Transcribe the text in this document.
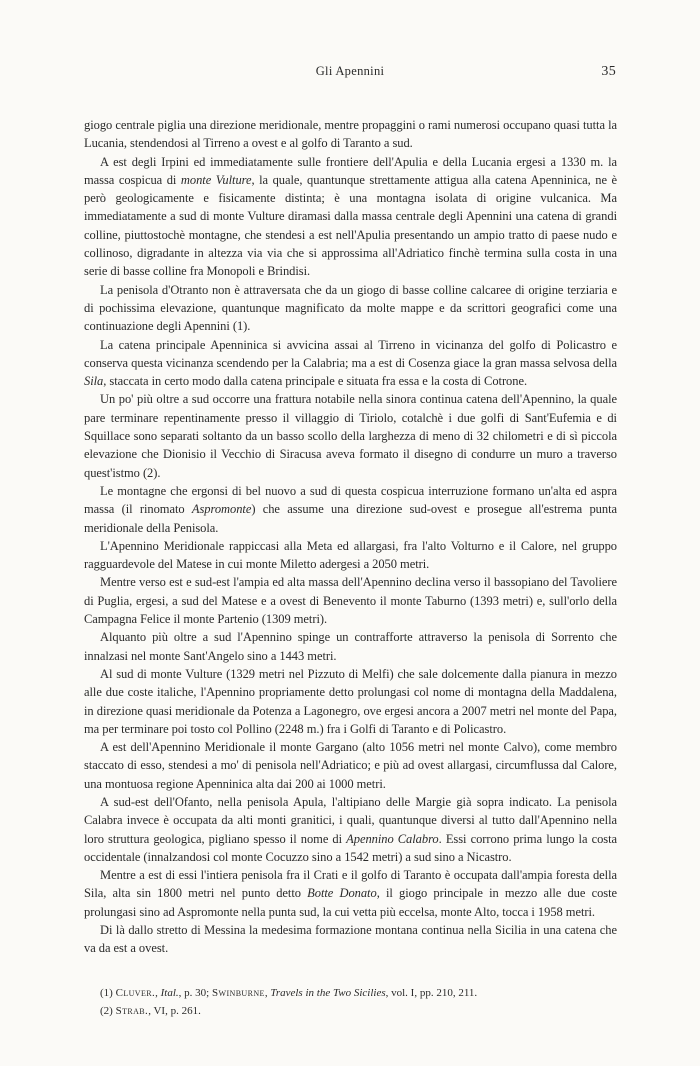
Gli Apennini	35

giogo centrale piglia una direzione meridionale, mentre propaggini o rami numerosi occupano quasi tutta la Lucania, stendendosi al Tirreno a ovest e al golfo di Taranto a sud.

A est degli Irpini ed immediatamente sulle frontiere dell'Apulia e della Lucania ergesi a 1330 m. la massa cospicua di monte Vulture, la quale, quantunque strettamente attigua alla catena Apenninica, ne è però geologicamente e fisicamente distinta; è una montagna isolata di origine vulcanica. Ma immediatamente a sud di monte Vulture diramasi dalla massa centrale degli Apennini una catena di grandi colline, piuttostochè montagne, che stendesi a est nell'Apulia presentando un ampio tratto di paese nudo e collinoso, digradante in altezza via via che si approssima all'Adriatico finchè termina sulla costa in una serie di basse colline fra Monopoli e Brindisi.

La penisola d'Otranto non è attraversata che da un giogo di basse colline calcaree di origine terziaria e di pochissima elevazione, quantunque magnificato da molte mappe e da scrittori geografici come una continuazione degli Apennini (1).

La catena principale Apenninica si avvicina assai al Tirreno in vicinanza del golfo di Policastro e conserva questa vicinanza scendendo per la Calabria; ma a est di Cosenza giace la gran massa selvosa della Sila, staccata in certo modo dalla catena principale e situata fra essa e la costa di Cotrone.

Un po' più oltre a sud occorre una frattura notabile nella sinora continua catena dell'Apennino, la quale pare terminare repentinamente presso il villaggio di Tiriolo, cotalchè i due golfi di Sant'Eufemia e di Squillace sono separati soltanto da un basso scollo della larghezza di meno di 32 chilometri e di sì piccola elevazione che Dionisio il Vecchio di Siracusa aveva formato il disegno di condurre un muro a traverso quest'istmo (2).

Le montagne che ergonsi di bel nuovo a sud di questa cospicua interruzione formano un'alta ed aspra massa (il rinomato Aspromonte) che assume una direzione sud-ovest e prosegue all'estrema punta meridionale della Penisola.

L'Apennino Meridionale rappiccasi alla Meta ed allargasi, fra l'alto Volturno e il Calore, nel gruppo ragguardevole del Matese in cui monte Miletto adergesi a 2050 metri.

Mentre verso est e sud-est l'ampia ed alta massa dell'Apennino declina verso il bassopiano del Tavoliere di Puglia, ergesi, a sud del Matese e a ovest di Benevento il monte Taburno (1393 metri) e, sull'orlo della Campagna Felice il monte Partenio (1309 metri).

Alquanto più oltre a sud l'Apennino spinge un contrafforte attraverso la penisola di Sorrento che innalzasi nel monte Sant'Angelo sino a 1443 metri.

Al sud di monte Vulture (1329 metri nel Pizzuto di Melfi) che sale dolcemente dalla pianura in mezzo alle due coste italiche, l'Apennino propriamente detto prolungasi col nome di montagna della Maddalena, in direzione quasi meridionale da Potenza a Lagonegro, ove ergesi ancora a 2007 metri nel monte del Papa, ma per terminare poi tosto col Pollino (2248 m.) fra i Golfi di Taranto e di Policastro.

A est dell'Apennino Meridionale il monte Gargano (alto 1056 metri nel monte Calvo), come membro staccato di esso, stendesi a mo' di penisola nell'Adriatico; e più ad ovest allargasi, circumflussa dal Calore, una montuosa regione Apenninica alta dai 200 ai 1000 metri.

A sud-est dell'Ofanto, nella penisola Apula, l'altipiano delle Margie già sopra indicato. La penisola Calabra invece è occupata da alti monti granitici, i quali, quantunque diversi al tutto dall'Apennino nella loro struttura geologica, pigliano spesso il nome di Apennino Calabro. Essi corrono prima lungo la costa occidentale (innalzandosi col monte Cocuzzo sino a 1542 metri) a sud sino a Nicastro.

Mentre a est di essi l'intiera penisola fra il Crati e il golfo di Taranto è occupata dall'ampia foresta della Sila, alta sin 1800 metri nel punto detto Botte Donato, il giogo principale in mezzo alle due coste prolungasi sino ad Aspromonte nella punta sud, la cui vetta più eccelsa, monte Alto, tocca i 1958 metri.

Di là dallo stretto di Messina la medesima formazione montana continua nella Sicilia in una catena che va da est a ovest.

(1) Cluver., Ital., p. 30; Swinburne, Travels in the Two Sicilies, vol. I, pp. 210, 211.

(2) Strab., VI, p. 261.
